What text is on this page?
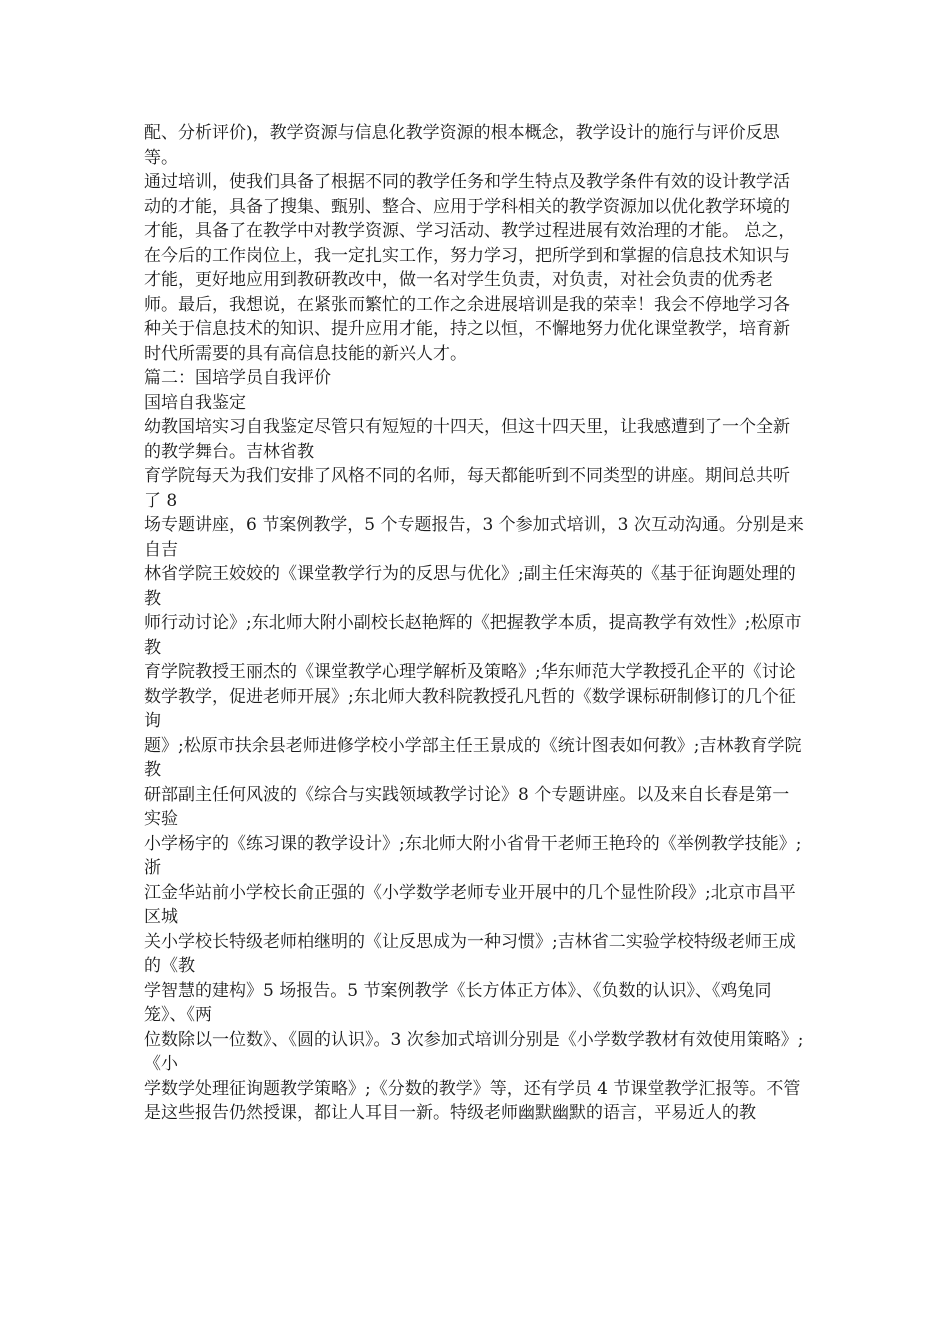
配、分析评价)，教学资源与信息化教学资源的根本概念，教学设计的施行与评价反思等。

通过培训，使我们具备了根据不同的教学任务和学生特点及教学条件有效的设计教学活动的才能，具备了搜集、甄别、整合、应用于学科相关的教学资源加以优化教学环境的才能，具备了在教学中对教学资源、学习活动、教学过程进展有效治理的才能。 总之，在今后的工作岗位上，我一定扎实工作，努力学习，把所学到和掌握的信息技术知识与才能，更好地应用到教研教改中，做一名对学生负责，对负责，对社会负责的优秀老师。最后，我想说，在紧张而繁忙的工作之余进展培训是我的荣幸！我会不停地学习各种关于信息技术的知识、提升应用才能，持之以恒，不懈地努力优化课堂教学，培育新时代所需要的具有高信息技能的新兴人才。

篇二：国培学员自我评价

国培自我鉴定

幼教国培实习自我鉴定尽管只有短短的十四天，但这十四天里，让我感遭到了一个全新的教学舞台。吉林省教

育学院每天为我们安排了风格不同的名师，每天都能听到不同类型的讲座。期间总共听了 8

场专题讲座，6 节案例教学，5 个专题报告，3 个参加式培训，3 次互动沟通。分别是来自吉

林省学院王姣姣的《课堂教学行为的反思与优化》;副主任宋海英的《基于征询题处理的教

师行动讨论》;东北师大附小副校长赵艳辉的《把握教学本质，提高教学有效性》;松原市教

育学院教授王丽杰的《课堂教学心理学解析及策略》;华东师范大学教授孔企平的《讨论数学教学，促进老师开展》;东北师大教科院教授孔凡哲的《数学课标研制修订的几个征询

题》;松原市扶余县老师进修学校小学部主任王景成的《统计图表如何教》;吉林教育学院教

研部副主任何风波的《综合与实践领域教学讨论》8 个专题讲座。以及来自长春是第一实验

小学杨宇的《练习课的教学设计》;东北师大附小省骨干老师王艳玲的《举例教学技能》;浙

江金华站前小学校长俞正强的《小学数学老师专业开展中的几个显性阶段》;北京市昌平区城

关小学校长特级老师柏继明的《让反思成为一种习惯》;吉林省二实验学校特级老师王成的《教

学智慧的建构》5 场报告。5 节案例教学《长方体正方体》、《负数的认识》、《鸡兔同笼》、《两

位数除以一位数》、《圆的认识》。3 次参加式培训分别是《小学数学教材有效使用策略》;《小

学数学处理征询题教学策略》;《分数的教学》等，还有学员 4 节课堂教学汇报等。不管是这些报告仍然授课，都让人耳目一新。特级老师幽默幽默的语言，平易近人的教
